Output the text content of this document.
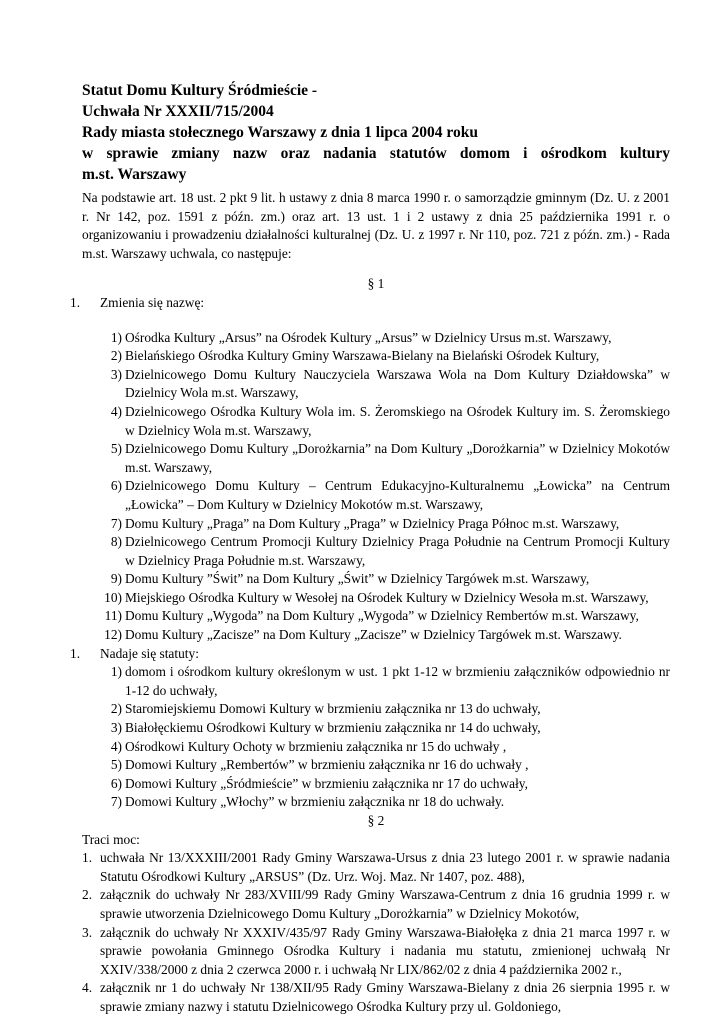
Statut Domu Kultury Śródmieście -
Uchwała Nr XXXII/715/2004
Rady miasta stołecznego Warszawy z dnia 1 lipca 2004 roku
w sprawie zmiany nazw oraz nadania statutów domom i ośrodkom kultury
m.st. Warszawy

Na podstawie art. 18 ust. 2 pkt 9 lit. h ustawy z dnia 8 marca 1990 r. o samorządzie gminnym (Dz. U. z 2001 r. Nr 142, poz. 1591 z późn. zm.) oraz art. 13 ust. 1 i 2 ustawy z dnia 25 października 1991 r. o organizowaniu i prowadzeniu działalności kulturalnej (Dz. U. z 1997 r. Nr 110, poz. 721 z późn. zm.) - Rada m.st. Warszawy uchwala, co następuje:

§ 1

1.	Zmienia się nazwę:
1) Ośrodka Kultury „Arsus” na Ośrodek Kultury „Arsus” w Dzielnicy Ursus m.st. Warszawy,
2) Bielańskiego Ośrodka Kultury Gminy Warszawa-Bielany na Bielański Ośrodek Kultury,
3) Dzielnicowego Domu Kultury Nauczyciela Warszawa Wola na Dom Kultury Działdowska” w Dzielnicy Wola m.st. Warszawy,
4) Dzielnicowego Ośrodka Kultury Wola im. S. Żeromskiego na Ośrodek Kultury im. S. Żeromskiego w Dzielnicy Wola m.st. Warszawy,
5) Dzielnicowego Domu Kultury „Dorożkarnia” na Dom Kultury „Dorożkarnia” w Dzielnicy Mokotów m.st. Warszawy,
6) Dzielnicowego Domu Kultury – Centrum Edukacyjno-Kulturalnemu „Łowicka” na Centrum „Łowicka” – Dom Kultury w Dzielnicy Mokotów m.st. Warszawy,
7) Domu Kultury „Praga” na Dom Kultury „Praga” w Dzielnicy Praga Północ m.st. Warszawy,
8) Dzielnicowego Centrum Promocji Kultury Dzielnicy Praga Południe na Centrum Promocji Kultury w Dzielnicy Praga Południe m.st. Warszawy,
9) Domu Kultury ”Świt” na Dom Kultury „Świt” w Dzielnicy Targówek m.st. Warszawy,
10) Miejskiego Ośrodka Kultury w Wesołej na Ośrodek Kultury w Dzielnicy Wesoła m.st. Warszawy,
11) Domu Kultury „Wygoda” na Dom Kultury „Wygoda” w Dzielnicy Rembertów m.st. Warszawy,
12) Domu Kultury „Zacisze” na Dom Kultury „Zacisze” w Dzielnicy Targówek m.st. Warszawy.
1.	Nadaje się statuty:
1) domom i ośrodkom kultury określonym w ust. 1 pkt 1-12 w brzmieniu załączników odpowiednio nr 1-12 do uchwały,
2) Staromiejskiemu Domowi Kultury w brzmieniu załącznika nr 13 do uchwały,
3) Białołęckiemu Ośrodkowi Kultury w brzmieniu załącznika nr 14 do uchwały,
4) Ośrodkowi Kultury Ochoty w brzmieniu załącznika nr 15 do uchwały ,
5) Domowi Kultury „Rembertów” w brzmieniu załącznika nr 16 do uchwały ,
6) Domowi Kultury „Śródmieście” w brzmieniu załącznika nr 17 do uchwały,
7) Domowi Kultury „Włochy” w brzmieniu załącznika nr 18 do uchwały.

§ 2

Traci moc:

1. uchwała Nr 13/XXXIII/2001 Rady Gminy Warszawa-Ursus z dnia 23 lutego 2001 r. w sprawie nadania Statutu Ośrodkowi Kultury „ARSUS” (Dz. Urz. Woj. Maz. Nr 1407, poz. 488),
2. załącznik do uchwały Nr 283/XVIII/99 Rady Gminy Warszawa-Centrum z dnia 16 grudnia 1999 r. w sprawie utworzenia Dzielnicowego Domu Kultury „Dorożkarnia” w Dzielnicy Mokotów,
3. załącznik do uchwały Nr XXXIV/435/97 Rady Gminy Warszawa-Białołęka z dnia 21 marca 1997 r. w sprawie powołania Gminnego Ośrodka Kultury i nadania mu statutu, zmienionej uchwałą Nr XXIV/338/2000 z dnia 2 czerwca 2000 r. i uchwałą Nr LIX/862/02 z dnia 4 października 2002 r.,
4. załącznik nr 1 do uchwały Nr 138/XII/95 Rady Gminy Warszawa-Bielany z dnia 26 sierpnia 1995 r. w sprawie zmiany nazwy i statutu Dzielnicowego Ośrodka Kultury przy ul. Goldoniego,
